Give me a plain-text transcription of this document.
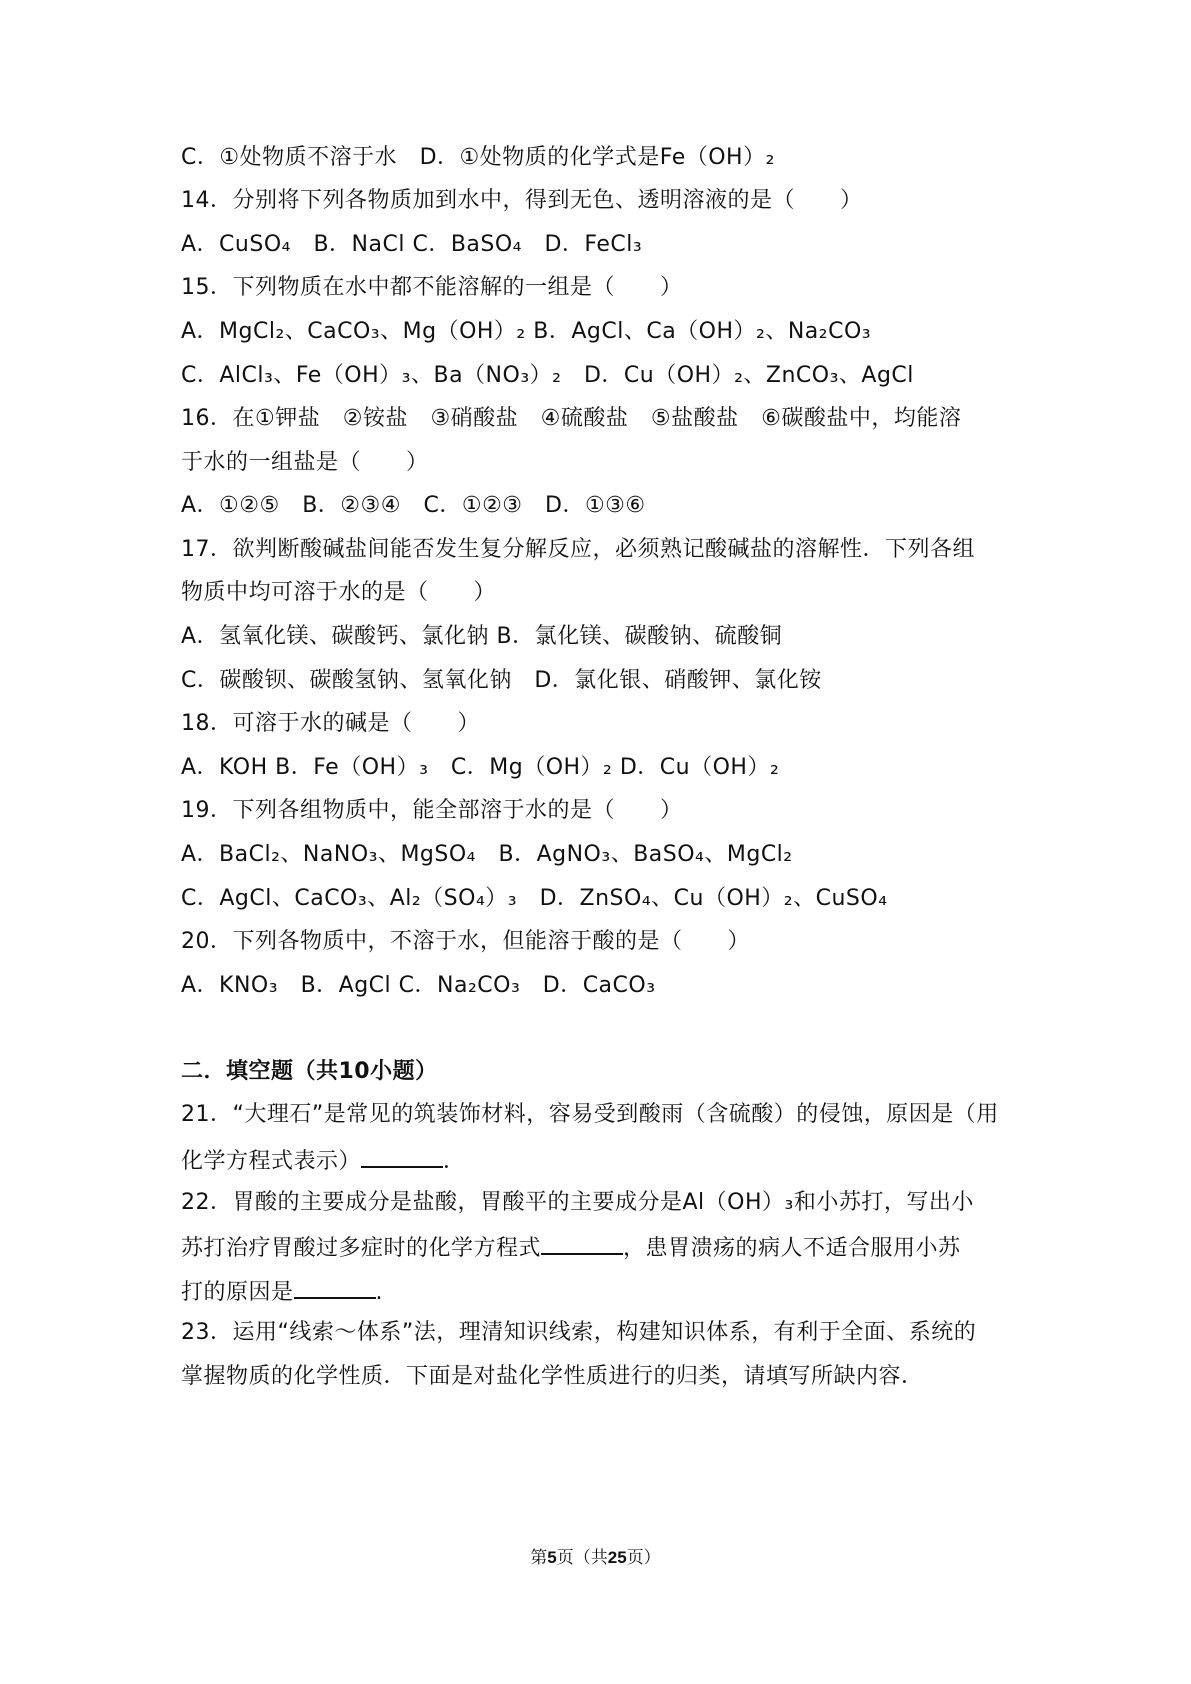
C．①处物质不溶于水　D．①处物质的化学式是Fe（OH）₂
14．分别将下列各物质加到水中，得到无色、透明溶液的是（　　）
A．CuSO₄　B．NaCl C．BaSO₄　D．FeCl₃
15．下列物质在水中都不能溶解的一组是（　　）
A．MgCl₂、CaCO₃、Mg（OH）₂ B．AgCl、Ca（OH）₂、Na₂CO₃
C．AlCl₃、Fe（OH）₃、Ba（NO₃）₂　D．Cu（OH）₂、ZnCO₃、AgCl
16．在①钾盐　②铵盐　③硝酸盐　④硫酸盐　⑤盐酸盐　⑥碳酸盐中，均能溶
于水的一组盐是（　　）
A．①②⑤　B．②③④　C．①②③　D．①③⑥
17．欲判断酸碱盐间能否发生复分解反应，必须熟记酸碱盐的溶解性．下列各组
物质中均可溶于水的是（　　）
A．氢氧化镁、碳酸钙、氯化钠 B．氯化镁、碳酸钠、硫酸铜
C．碳酸钡、碳酸氢钠、氢氧化钠　D．氯化银、硝酸钾、氯化铵
18．可溶于水的碱是（　　）
A．KOH B．Fe（OH）₃　C．Mg（OH）₂ D．Cu（OH）₂
19．下列各组物质中，能全部溶于水的是（　　）
A．BaCl₂、NaNO₃、MgSO₄　B．AgNO₃、BaSO₄、MgCl₂
C．AgCl、CaCO₃、Al₂（SO₄）₃　D．ZnSO₄、Cu（OH）₂、CuSO₄
20．下列各物质中，不溶于水，但能溶于酸的是（　　）
A．KNO₃　B．AgCl C．Na₂CO₃　D．CaCO₃
二．填空题（共10小题）
21．“大理石”是常见的筑装饰材料，容易受到酸雨（含硫酸）的侵蚀，原因是（用
化学方程式表示）	．
22．胃酸的主要成分是盐酸，胃酸平的主要成分是Al（OH）₃和小苏打，写出小
苏打治疗胃酸过多症时的化学方程式	，患胃溃疡的病人不适合服用小苏
打的原因是	.
23．运用“线索～体系”法，理清知识线索，构建知识体系，有利于全面、系统的
掌握物质的化学性质．下面是对盐化学性质进行的归类，请填写所缺内容．
第5页（共25页）
